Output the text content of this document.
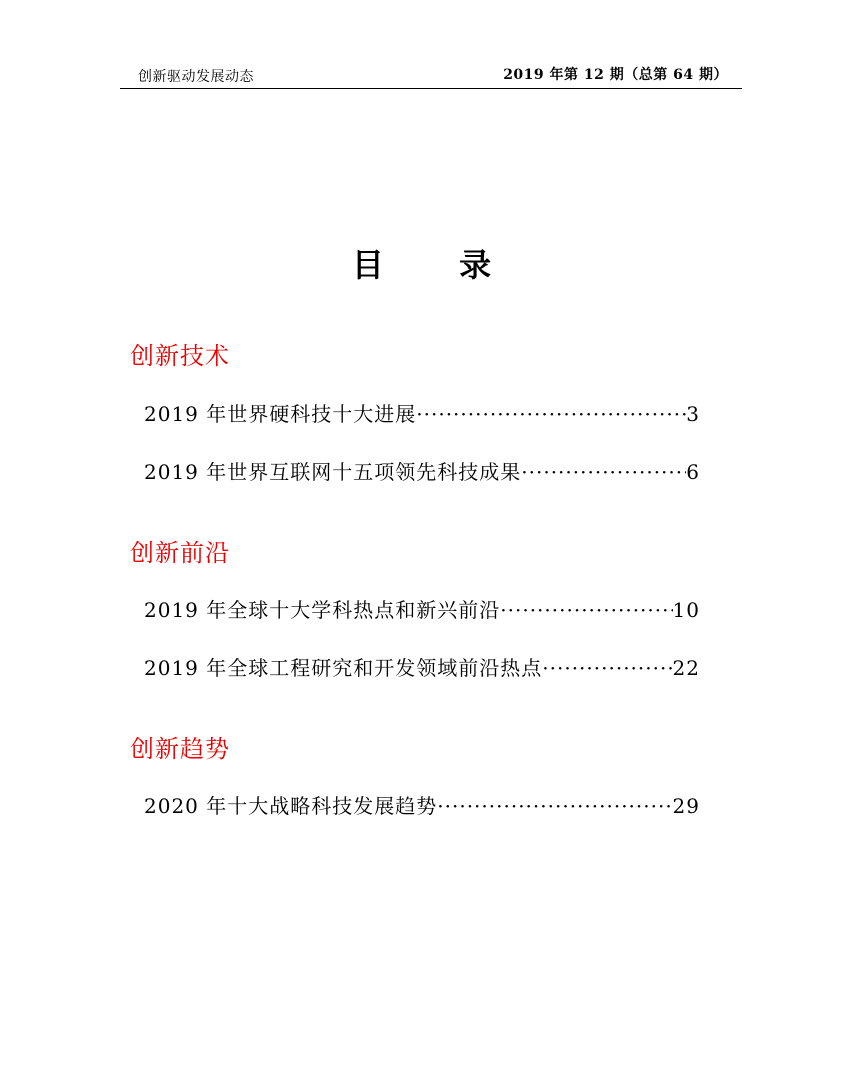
创新驱动发展动态	2019 年第 12 期（总第 64 期）
目 录
创新技术
2019 年世界硬科技十大进展 ·····	3
2019 年世界互联网十五项领先科技成果 ·····	6
创新前沿
2019 年全球十大学科热点和新兴前沿 ·····	10
2019 年全球工程研究和开发领域前沿热点 ·····	22
创新趋势
2020 年十大战略科技发展趋势 ·····	29
